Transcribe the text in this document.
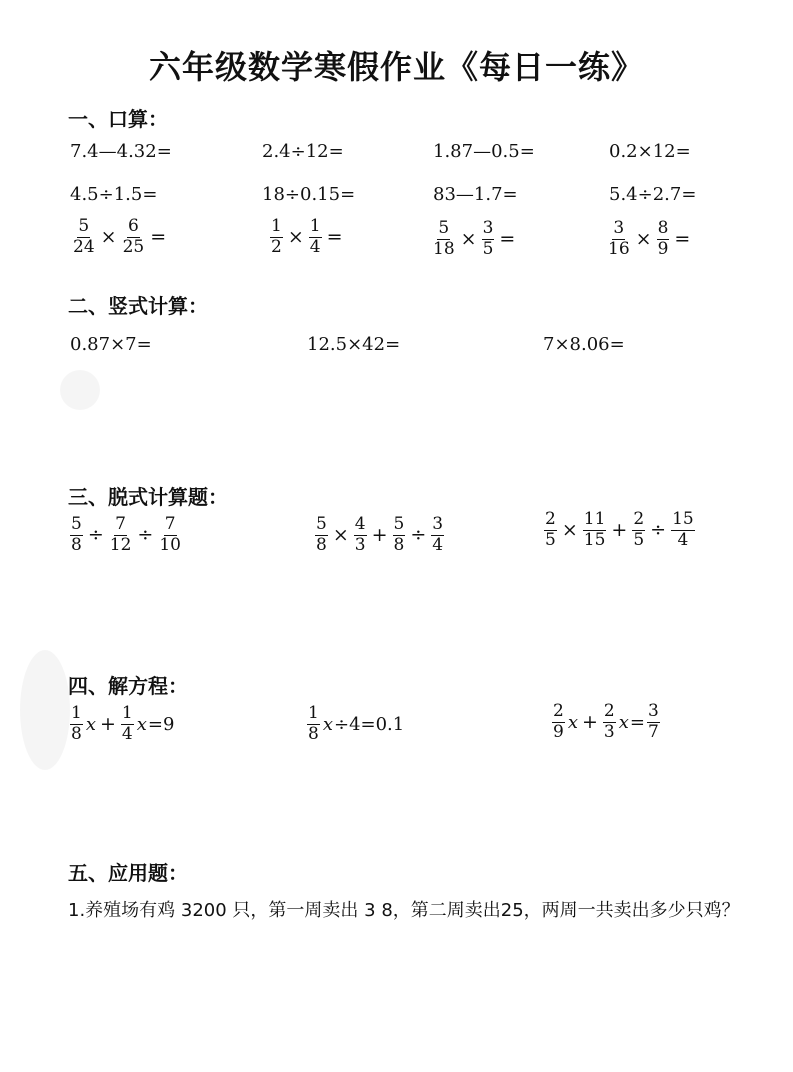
六年级数学寒假作业《每日一练》
一、口算：
7.4—4.32=	2.4÷12=	1.87—0.5=	0.2×12=
4.5÷1.5=	18÷0.15=	83—1.7=	5.4÷2.7=
$\frac{5}{24} \times \frac{6}{25}$ =	$\frac{1}{2} \times \frac{1}{4}$ =	$\frac{5}{18} \times \frac{3}{5}$ =	$\frac{3}{16} \times \frac{8}{9}$ =
二、竖式计算：
0.87×7=	12.5×42=	7×8.06=
三、脱式计算题：
$\frac{5}{8} \div \frac{7}{12} \div \frac{7}{10}$	$\frac{5}{8} \times \frac{4}{3} + \frac{5}{8} \div \frac{3}{4}$	$\frac{2}{5} \times \frac{11}{15} + \frac{2}{5} \div \frac{15}{4}$
四、解方程：
$\frac{1}{8}$ $x + \frac{1}{4}$ x =9	$\frac{1}{8}$ x ÷4=0.1	$\frac{2}{9}$ $x + \frac{2}{3}$ $x = \frac{3}{7}$
五、应用题：
1.养殖场有鸡 3200 只，第一周卖出 3 8，第二周卖出25，两周一共卖出多少只鸡？
